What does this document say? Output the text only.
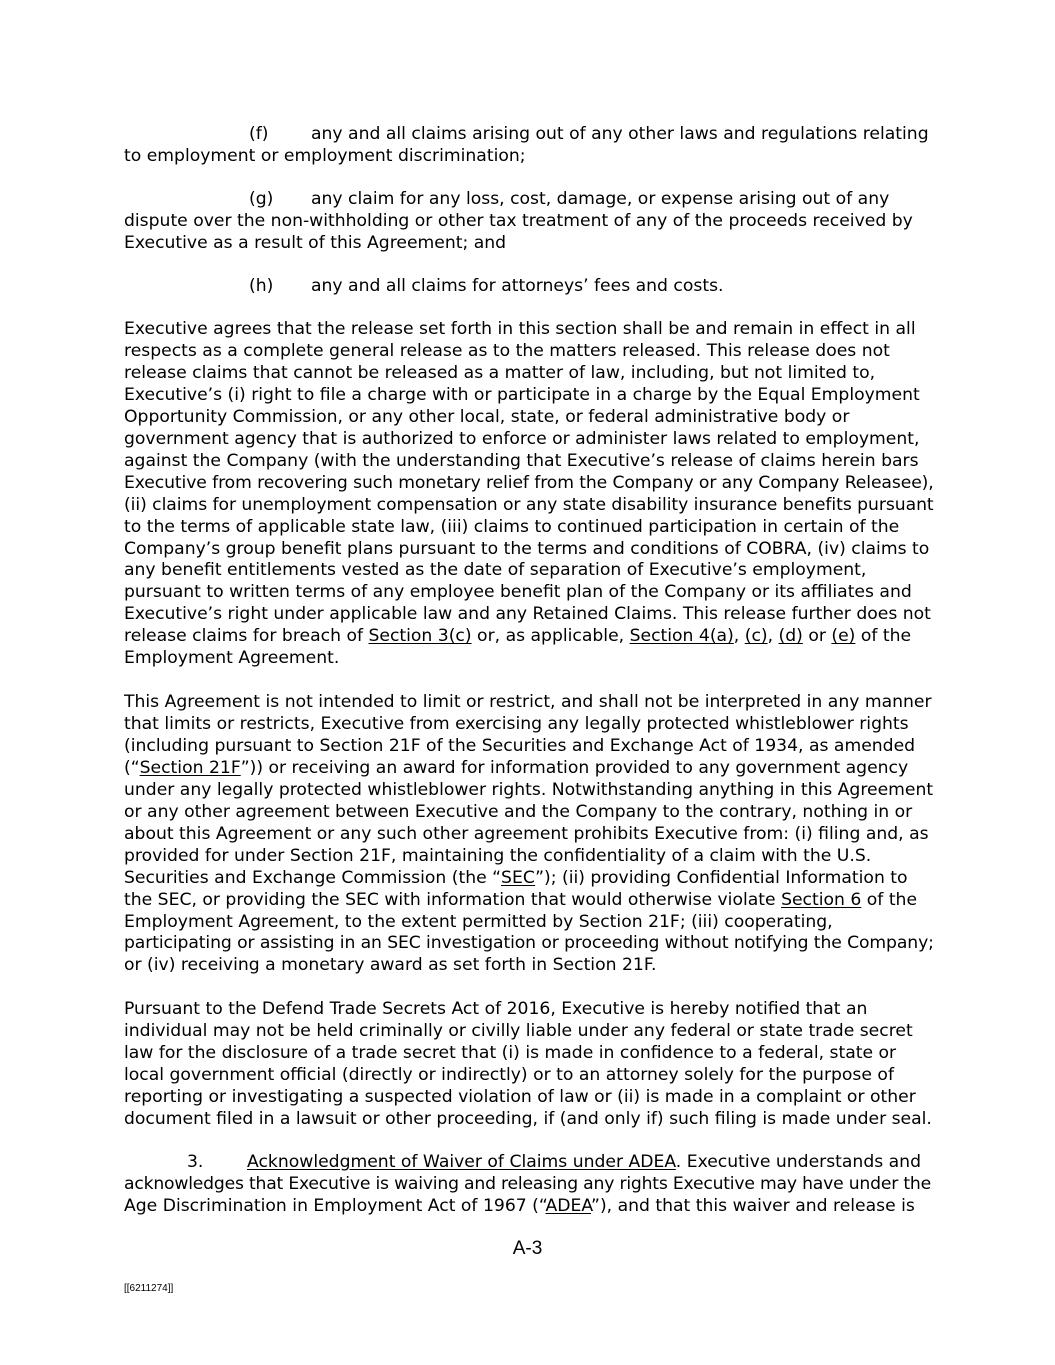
(f) any and all claims arising out of any other laws and regulations relating
to employment or employment discrimination;
(g) any claim for any loss, cost, damage, or expense arising out of any
dispute over the non-withholding or other tax treatment of any of the proceeds received by
Executive as a result of this Agreement; and
(h) any and all claims for attorneys’ fees and costs.
Executive agrees that the release set forth in this section shall be and remain in effect in all
respects as a complete general release as to the matters released. This release does not
release claims that cannot be released as a matter of law, including, but not limited to,
Executive’s (i) right to file a charge with or participate in a charge by the Equal Employment
Opportunity Commission, or any other local, state, or federal administrative body or
government agency that is authorized to enforce or administer laws related to employment,
against the Company (with the understanding that Executive’s release of claims herein bars
Executive from recovering such monetary relief from the Company or any Company Releasee),
(ii) claims for unemployment compensation or any state disability insurance benefits pursuant
to the terms of applicable state law, (iii) claims to continued participation in certain of the
Company’s group benefit plans pursuant to the terms and conditions of COBRA, (iv) claims to
any benefit entitlements vested as the date of separation of Executive’s employment,
pursuant to written terms of any employee benefit plan of the Company or its affiliates and
Executive’s right under applicable law and any Retained Claims. This release further does not
release claims for breach of Section 3(c) or, as applicable, Section 4(a), (c), (d) or (e) of the
Employment Agreement.
This Agreement is not intended to limit or restrict, and shall not be interpreted in any manner
that limits or restricts, Executive from exercising any legally protected whistleblower rights
(including pursuant to Section 21F of the Securities and Exchange Act of 1934, as amended
(“Section 21F”)) or receiving an award for information provided to any government agency
under any legally protected whistleblower rights. Notwithstanding anything in this Agreement
or any other agreement between Executive and the Company to the contrary, nothing in or
about this Agreement or any such other agreement prohibits Executive from: (i) filing and, as
provided for under Section 21F, maintaining the confidentiality of a claim with the U.S.
Securities and Exchange Commission (the “SEC”); (ii) providing Confidential Information to
the SEC, or providing the SEC with information that would otherwise violate Section 6 of the
Employment Agreement, to the extent permitted by Section 21F; (iii) cooperating,
participating or assisting in an SEC investigation or proceeding without notifying the Company;
or (iv) receiving a monetary award as set forth in Section 21F.
Pursuant to the Defend Trade Secrets Act of 2016, Executive is hereby notified that an
individual may not be held criminally or civilly liable under any federal or state trade secret
law for the disclosure of a trade secret that (i) is made in confidence to a federal, state or
local government official (directly or indirectly) or to an attorney solely for the purpose of
reporting or investigating a suspected violation of law or (ii) is made in a complaint or other
document filed in a lawsuit or other proceeding, if (and only if) such filing is made under seal.
3.	Acknowledgment of Waiver of Claims under ADEA. Executive understands and
acknowledges that Executive is waiving and releasing any rights Executive may have under the
Age Discrimination in Employment Act of 1967 (“ADEA”), and that this waiver and release is
A-3
[[6211274]]
